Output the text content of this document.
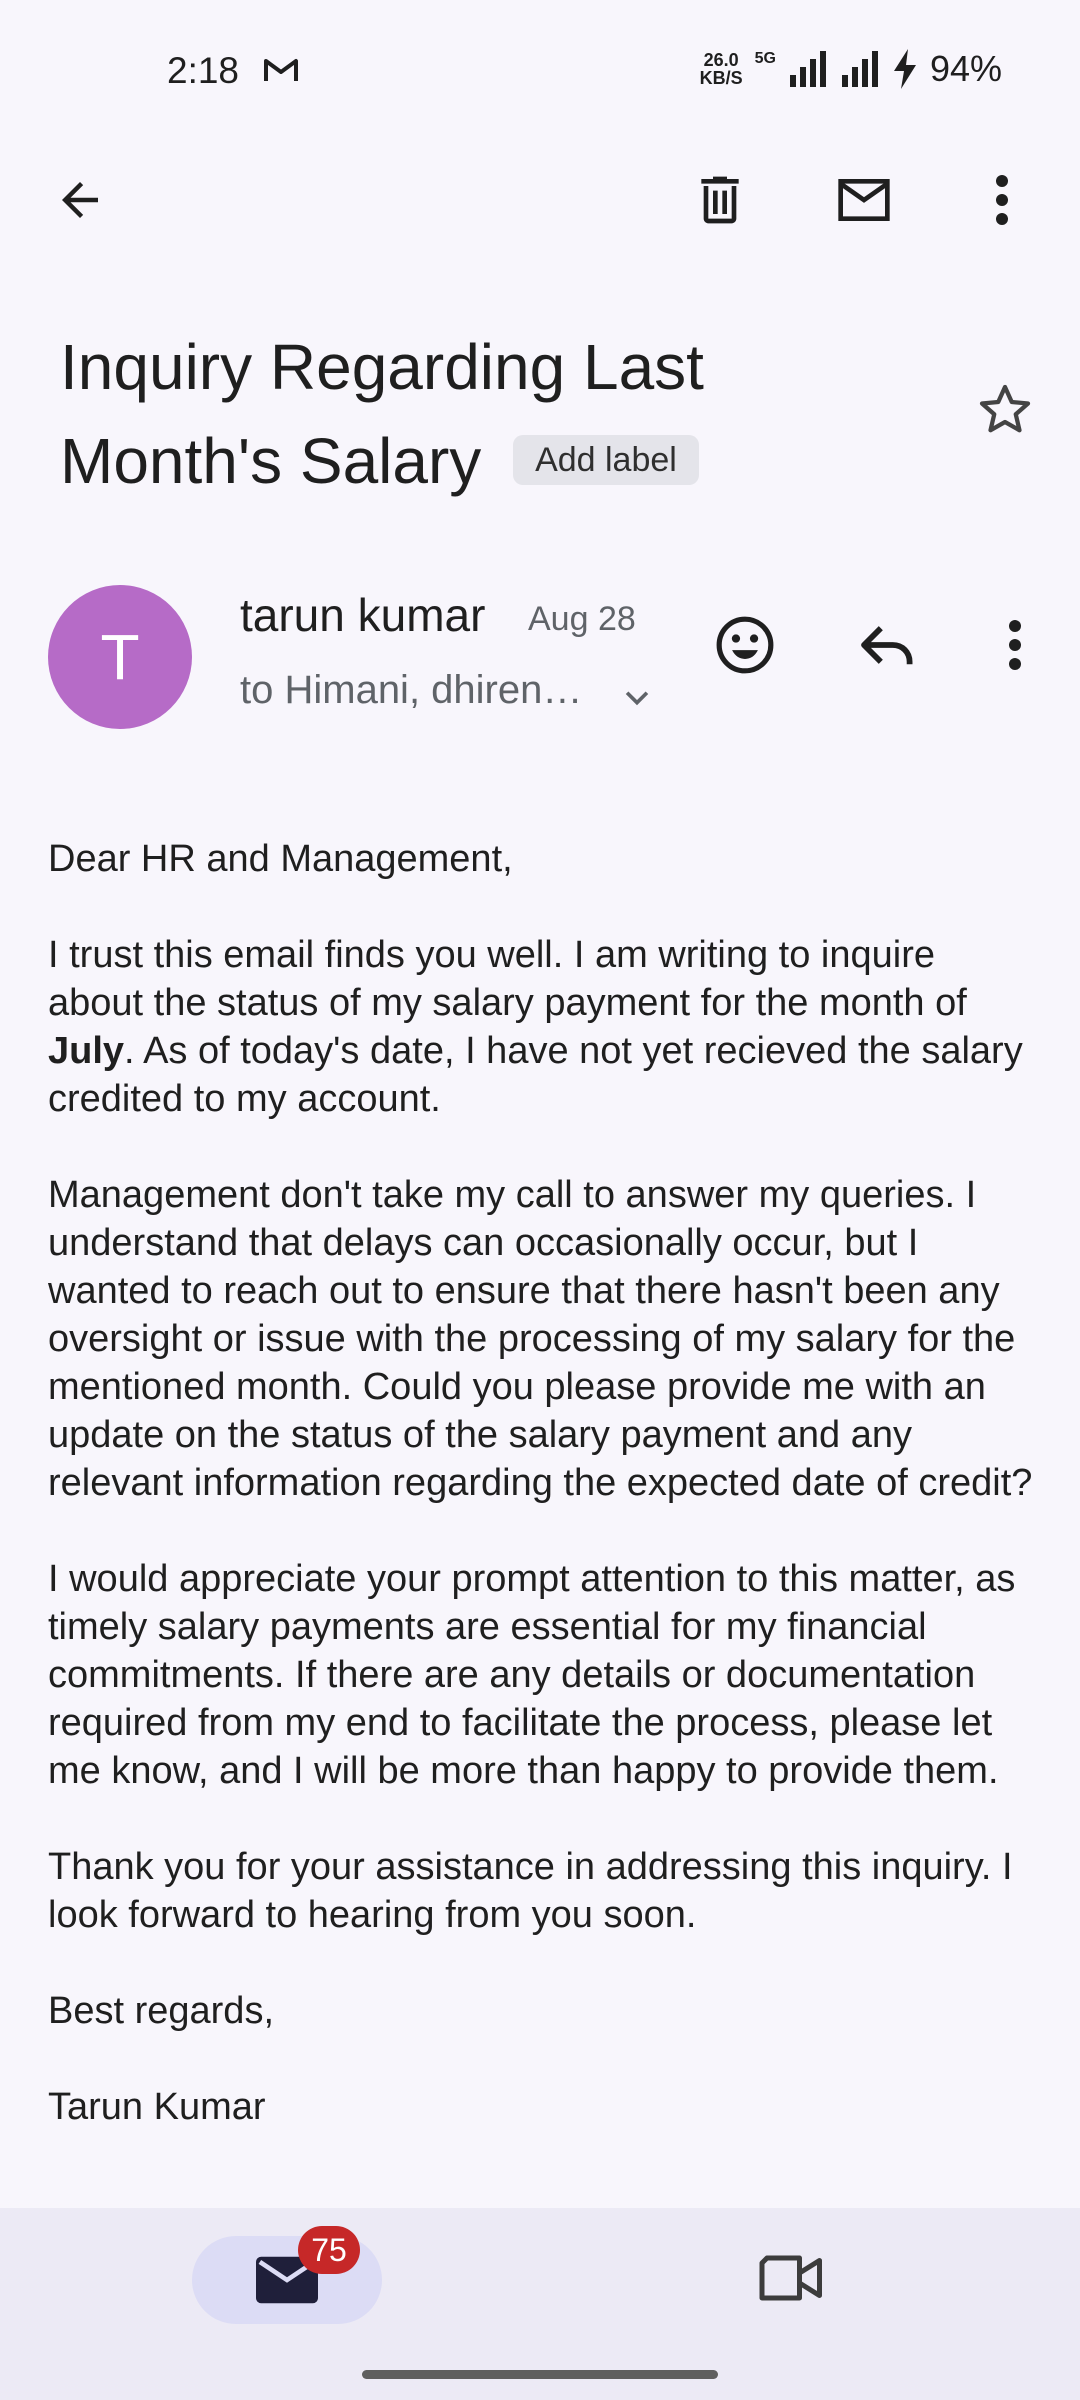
2:18	26.0
KB/S
5G	94%
Inquiry Regarding Last Month's Salary Add label
T
tarun kumar Aug 28
to Himani, dhiren…

Dear HR and Management,

I trust this email finds you well. I am writing to inquire about the status of my salary payment for the month of July. As of today's date, I have not yet recieved the salary credited to my account.

Management don't take my call to answer my queries. I understand that delays can occasionally occur, but I wanted to reach out to ensure that there hasn't been any oversight or issue with the processing of my salary for the mentioned month. Could you please provide me with an update on the status of the salary payment and any relevant information regarding the expected date of credit?

I would appreciate your prompt attention to this matter, as timely salary payments are essential for my financial commitments. If there are any details or documentation required from my end to facilitate the process, please let me know, and I will be more than happy to provide them.

Thank you for your assistance in addressing this inquiry. I look forward to hearing from you soon.

Best regards,

Tarun Kumar

75
